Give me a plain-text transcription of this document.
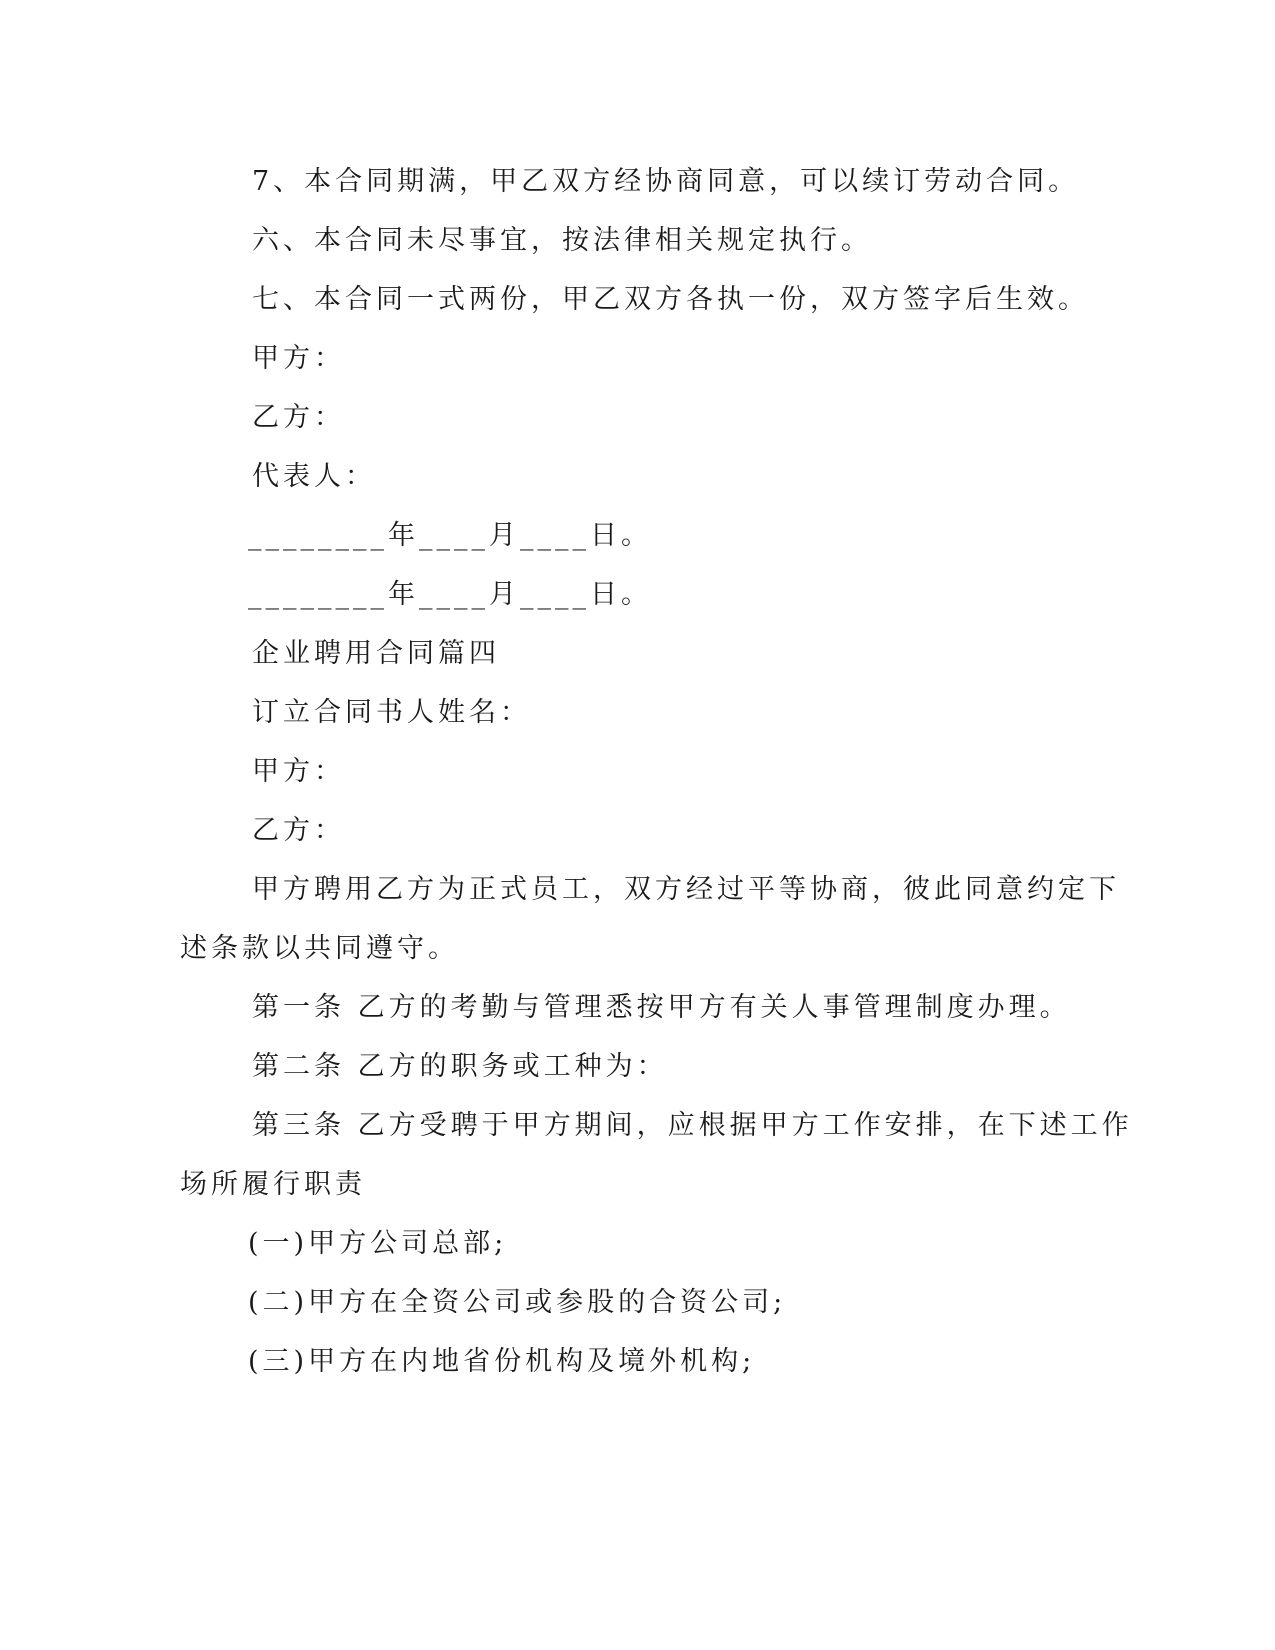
7、本合同期满，甲乙双方经协商同意，可以续订劳动合同。
六、本合同未尽事宜，按法律相关规定执行。
七、本合同一式两份，甲乙双方各执一份，双方签字后生效。
甲方：
乙方：
代表人：
________年____月____日。
________年____月____日。
企业聘用合同篇四
订立合同书人姓名：
甲方：
乙方：
甲方聘用乙方为正式员工，双方经过平等协商，彼此同意约定下
述条款以共同遵守。
第一条 乙方的考勤与管理悉按甲方有关人事管理制度办理。
第二条 乙方的职务或工种为：
第三条 乙方受聘于甲方期间，应根据甲方工作安排，在下述工作
场所履行职责
(一)甲方公司总部;
(二)甲方在全资公司或参股的合资公司;
(三)甲方在内地省份机构及境外机构;
